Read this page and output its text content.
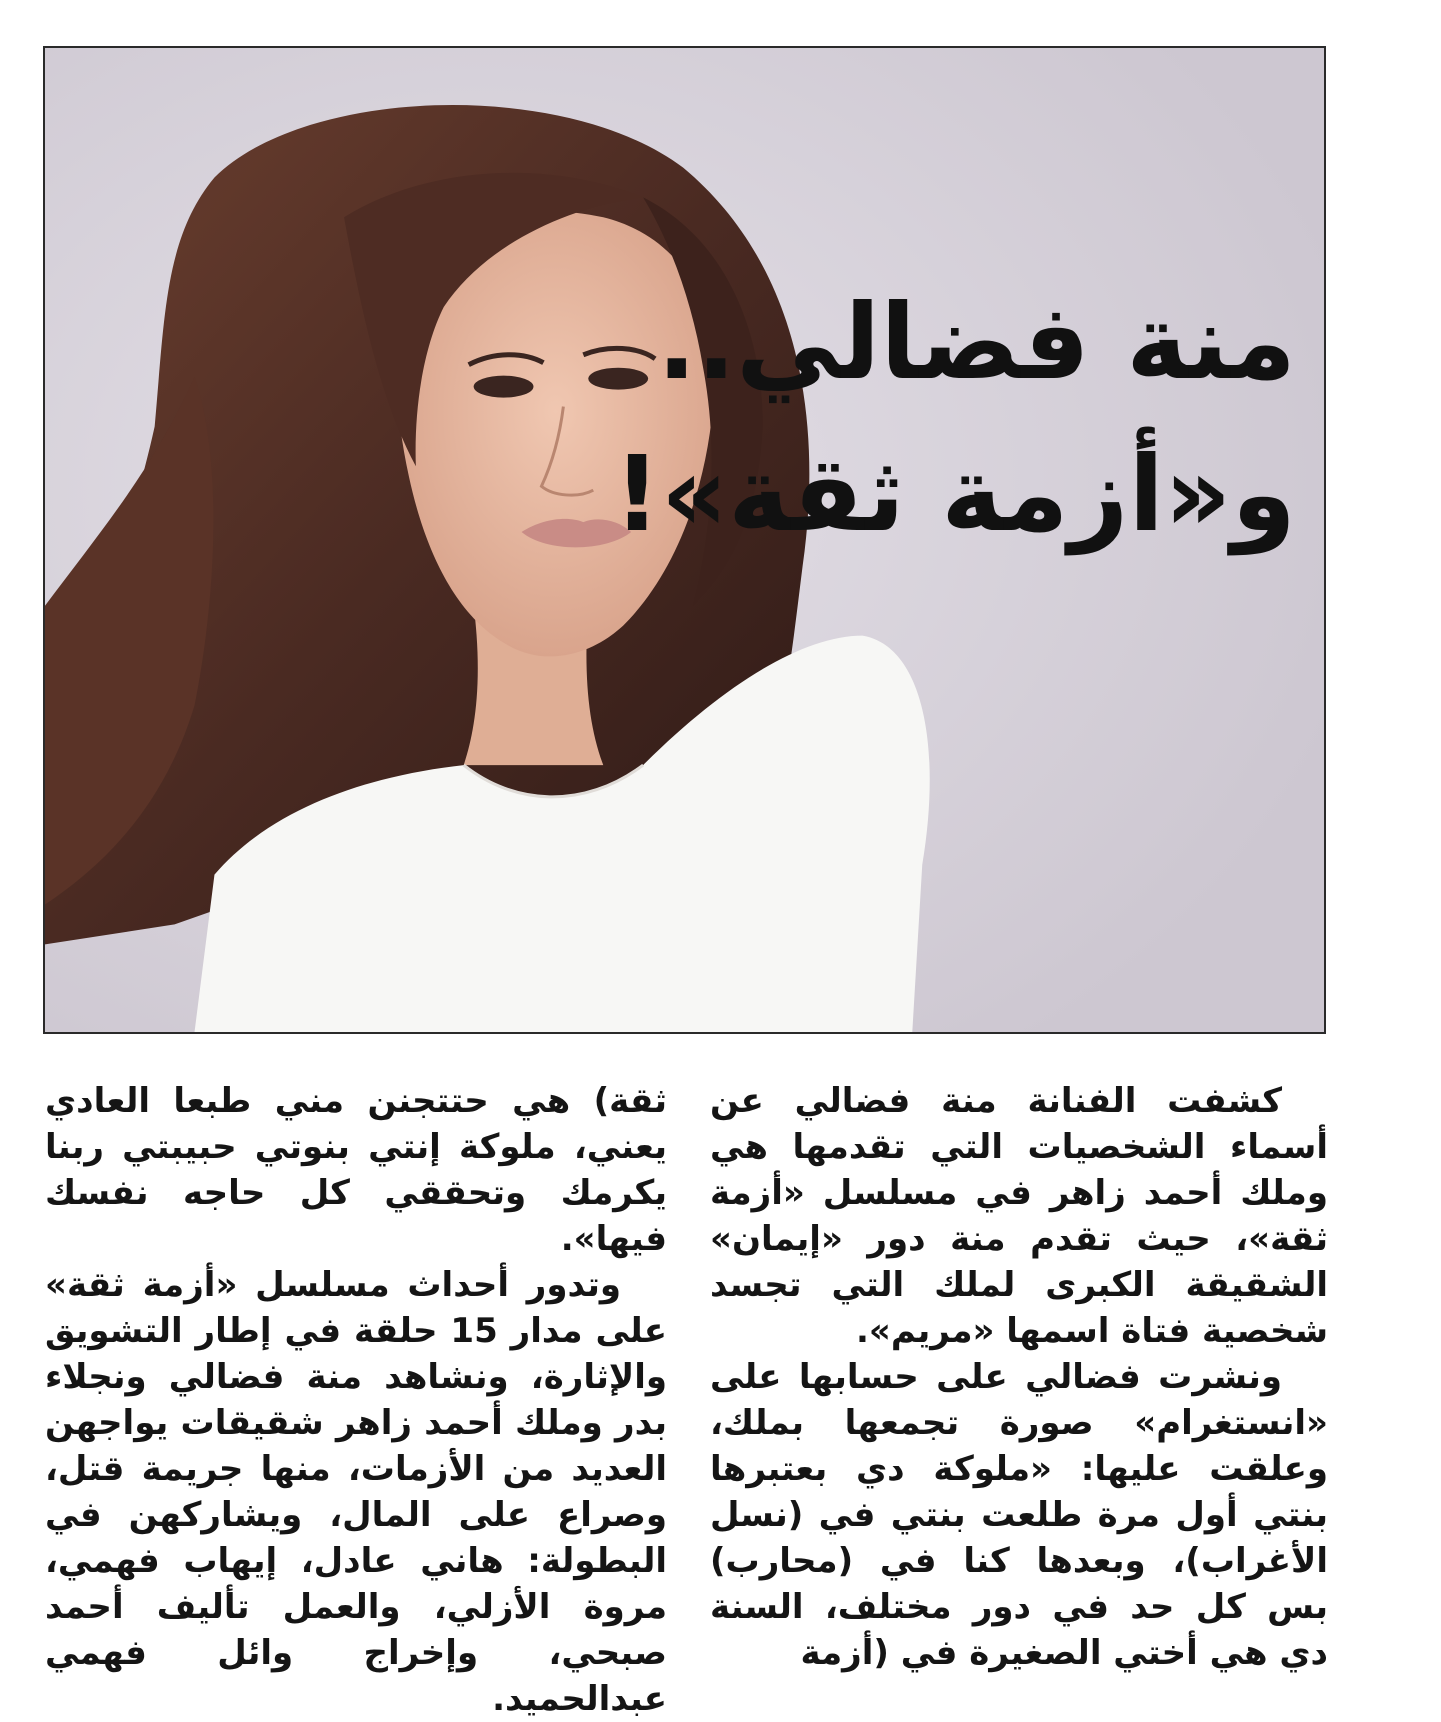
منة فضالي..
و«أزمة ثقة»!

كشفت الفنانة منة فضالي عن أسماء الشخصيات التي تقدمها هي وملك أحمد زاهر في مسلسل «أزمة ثقة»، حيث تقدم منة دور «إيمان» الشقيقة الكبرى لملك التي تجسد شخصية فتاة اسمها «مريم».

ونشرت فضالي على حسابها على «انستغرام» صورة تجمعها بملك، وعلقت عليها: «ملوكة دي بعتبرها بنتي أول مرة طلعت بنتي في (نسل الأغراب)، وبعدها كنا في (محارب) بس كل حد في دور مختلف، السنة دي هي أختي الصغيرة في (أزمة

ثقة) هي حتتجنن مني طبعا العادي يعني، ملوكة إنتي بنوتي حبيبتي ربنا يكرمك وتحققي كل حاجه نفسك فيها».

وتدور أحداث مسلسل «أزمة ثقة» على مدار 15 حلقة في إطار التشويق والإثارة، ونشاهد منة فضالي ونجلاء بدر وملك أحمد زاهر شقيقات يواجهن العديد من الأزمات، منها جريمة قتل، وصراع على المال، ويشاركهن في البطولة: هاني عادل، إيهاب فهمي، مروة الأزلي، والعمل تأليف أحمد صبحي، وإخراج وائل فهمي عبدالحميد.
